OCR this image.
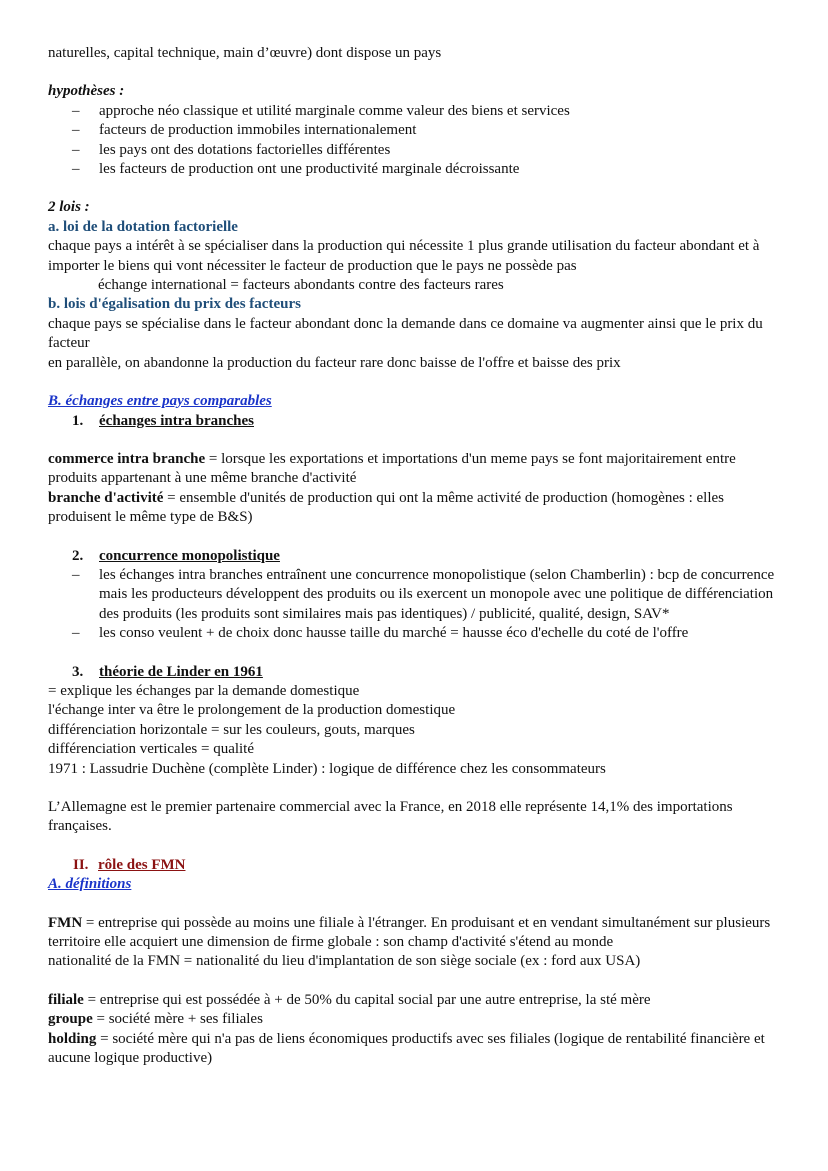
naturelles, capital technique, main d’œuvre) dont dispose un pays

hypothèses :

– approche néo classique et utilité marginale comme valeur des biens et services
– facteurs de production immobiles internationalement
– les pays ont des dotations factorielles différentes
– les facteurs de production ont une productivité marginale décroissante

2 lois :

a. loi de la dotation factorielle

chaque pays a intérêt à se spécialiser dans la production qui nécessite 1 plus grande utilisation du facteur abondant et à importer le biens qui vont nécessiter le facteur de production que le pays ne possède pas

échange international = facteurs abondants contre des facteurs rares

b. lois d'égalisation du prix des facteurs

chaque pays se spécialise dans le facteur abondant donc la demande dans ce domaine va augmenter ainsi que le prix du facteur

en parallèle, on abandonne la production du facteur rare donc baisse de l'offre et baisse des prix

B. échanges entre pays comparables

1. échanges intra branches

commerce intra branche = lorsque les exportations et importations d'un meme pays se font majoritairement entre produits appartenant à une même branche d'activité

branche d'activité = ensemble d'unités de production qui ont la même activité de production (homogènes : elles produisent le même type de B&S)

2. concurrence monopolistique

– les échanges intra branches entraînent une concurrence monopolistique (selon Chamberlin) : bcp de concurrence mais les producteurs développent des produits ou ils exercent un monopole avec une politique de différenciation des produits (les produits sont similaires mais pas identiques) / publicité, qualité, design, SAV*
– les conso veulent + de choix donc hausse taille du marché = hausse éco d'echelle du coté de l'offre

3. théorie de Linder en 1961

= explique les échanges par la demande domestique

l'échange inter va être le prolongement de la production domestique

différenciation horizontale = sur les couleurs, gouts, marques

différenciation verticales = qualité

1971 : Lassudrie Duchène (complète Linder) : logique de différence chez les consommateurs

L’Allemagne est le premier partenaire commercial avec la France, en 2018 elle représente 14,1% des importations françaises.

II. rôle des FMN

A. définitions

FMN = entreprise qui possède au moins une filiale à l'étranger. En produisant et en vendant simultanément sur plusieurs territoire elle acquiert une dimension de firme globale : son champ d'activité s'étend au monde

nationalité de la FMN = nationalité du lieu d'implantation de son siège sociale (ex : ford aux USA)

filiale = entreprise qui est possédée à + de 50% du capital social par une autre entreprise, la sté mère

groupe = société mère + ses filiales

holding = société mère qui n'a pas de liens économiques productifs avec ses filiales (logique de rentabilité financière et aucune logique productive)
